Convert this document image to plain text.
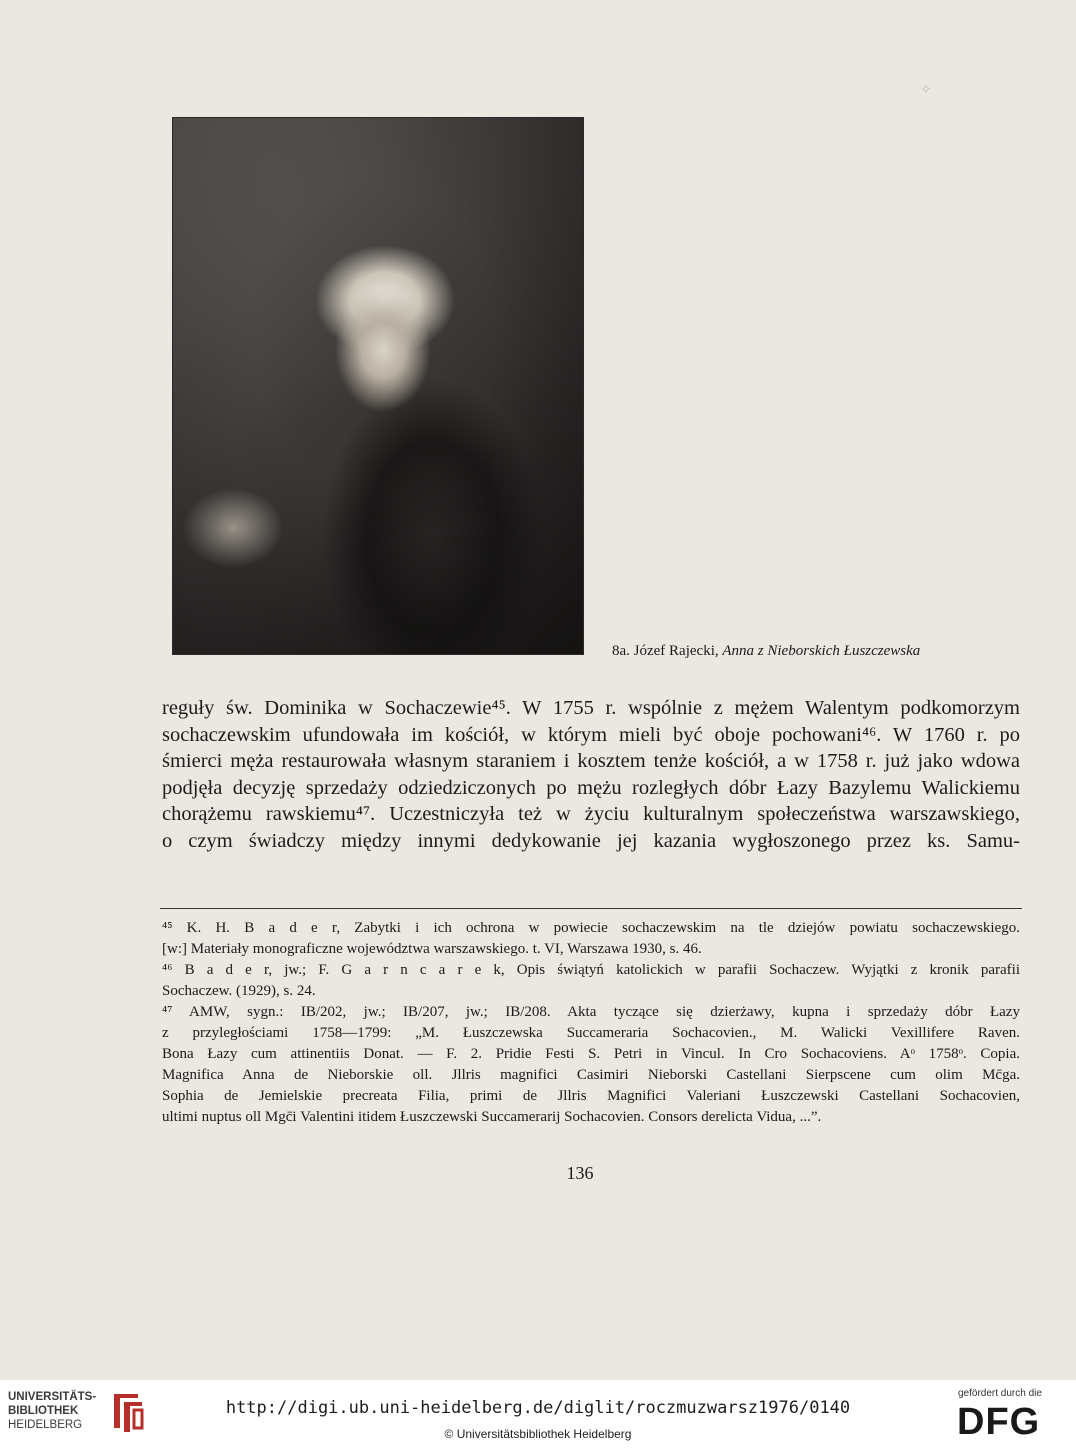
✧
8a. Józef Rajecki, Anna z Nieborskich Łuszczewska
reguły św. Dominika w Sochaczewie⁴⁵. W 1755 r. wspólnie z mężem Walentym podkomorzym
sochaczewskim ufundowała im kościół, w którym mieli być oboje pochowani⁴⁶. W 1760 r. po
śmierci męża restaurowała własnym staraniem i kosztem tenże kościół, a w 1758 r. już jako wdowa
podjęła decyzję sprzedaży odziedziczonych po mężu rozległych dóbr Łazy Bazylemu Walickiemu
chorążemu rawskiemu⁴⁷. Uczestniczyła też w życiu kulturalnym społeczeństwa warszawskiego,
o czym świadczy między innymi dedykowanie jej kazania wygłoszonego przez ks. Samu-
⁴⁵ K. H. B a d e r, Zabytki i ich ochrona w powiecie sochaczewskim na tle dziejów powiatu sochaczewskiego.
[w:] Materiały monograficzne województwa warszawskiego. t. VI, Warszawa 1930, s. 46.
⁴⁶ B a d e r, jw.; F. G a r n c a r e k, Opis świątyń katolickich w parafii Sochaczew. Wyjątki z kronik parafii
Sochaczew. (1929), s. 24.
⁴⁷ AMW, sygn.: IB/202, jw.; IB/207, jw.; IB/208. Akta tyczące się dzierżawy, kupna i sprzedaży dóbr Łazy
z przyległościami 1758—1799: „M. Łuszczewska Succameraria Sochacovien., M. Walicki Vexillifere Raven.
Bona Łazy cum attinentiis Donat. — F. 2. Pridie Festi S. Petri in Vincul. In Cro Sochacoviens. Aᵒ 1758ᵒ. Copia.
Magnifica Anna de Nieborskie oll. Jllris magnifici Casimiri Nieborski Castellani Sierpscene cum olim Mc̄ga.
Sophia de Jemielskie precreata Filia, primi de Jllris Magnifici Valeriani Łuszczewski Castellani Sochacovien,
ultimi nuptus oll Mgc̄i Valentini itidem Łuszczewski Succamerarij Sochacovien. Consors derelicta Vidua, ...”.
136
UNIVERSITÄTS-
BIBLIOTHEK
HEIDELBERG
http://digi.ub.uni-heidelberg.de/diglit/roczmuzwarsz1976/0140
© Universitätsbibliothek Heidelberg
gefördert durch die
DFG
